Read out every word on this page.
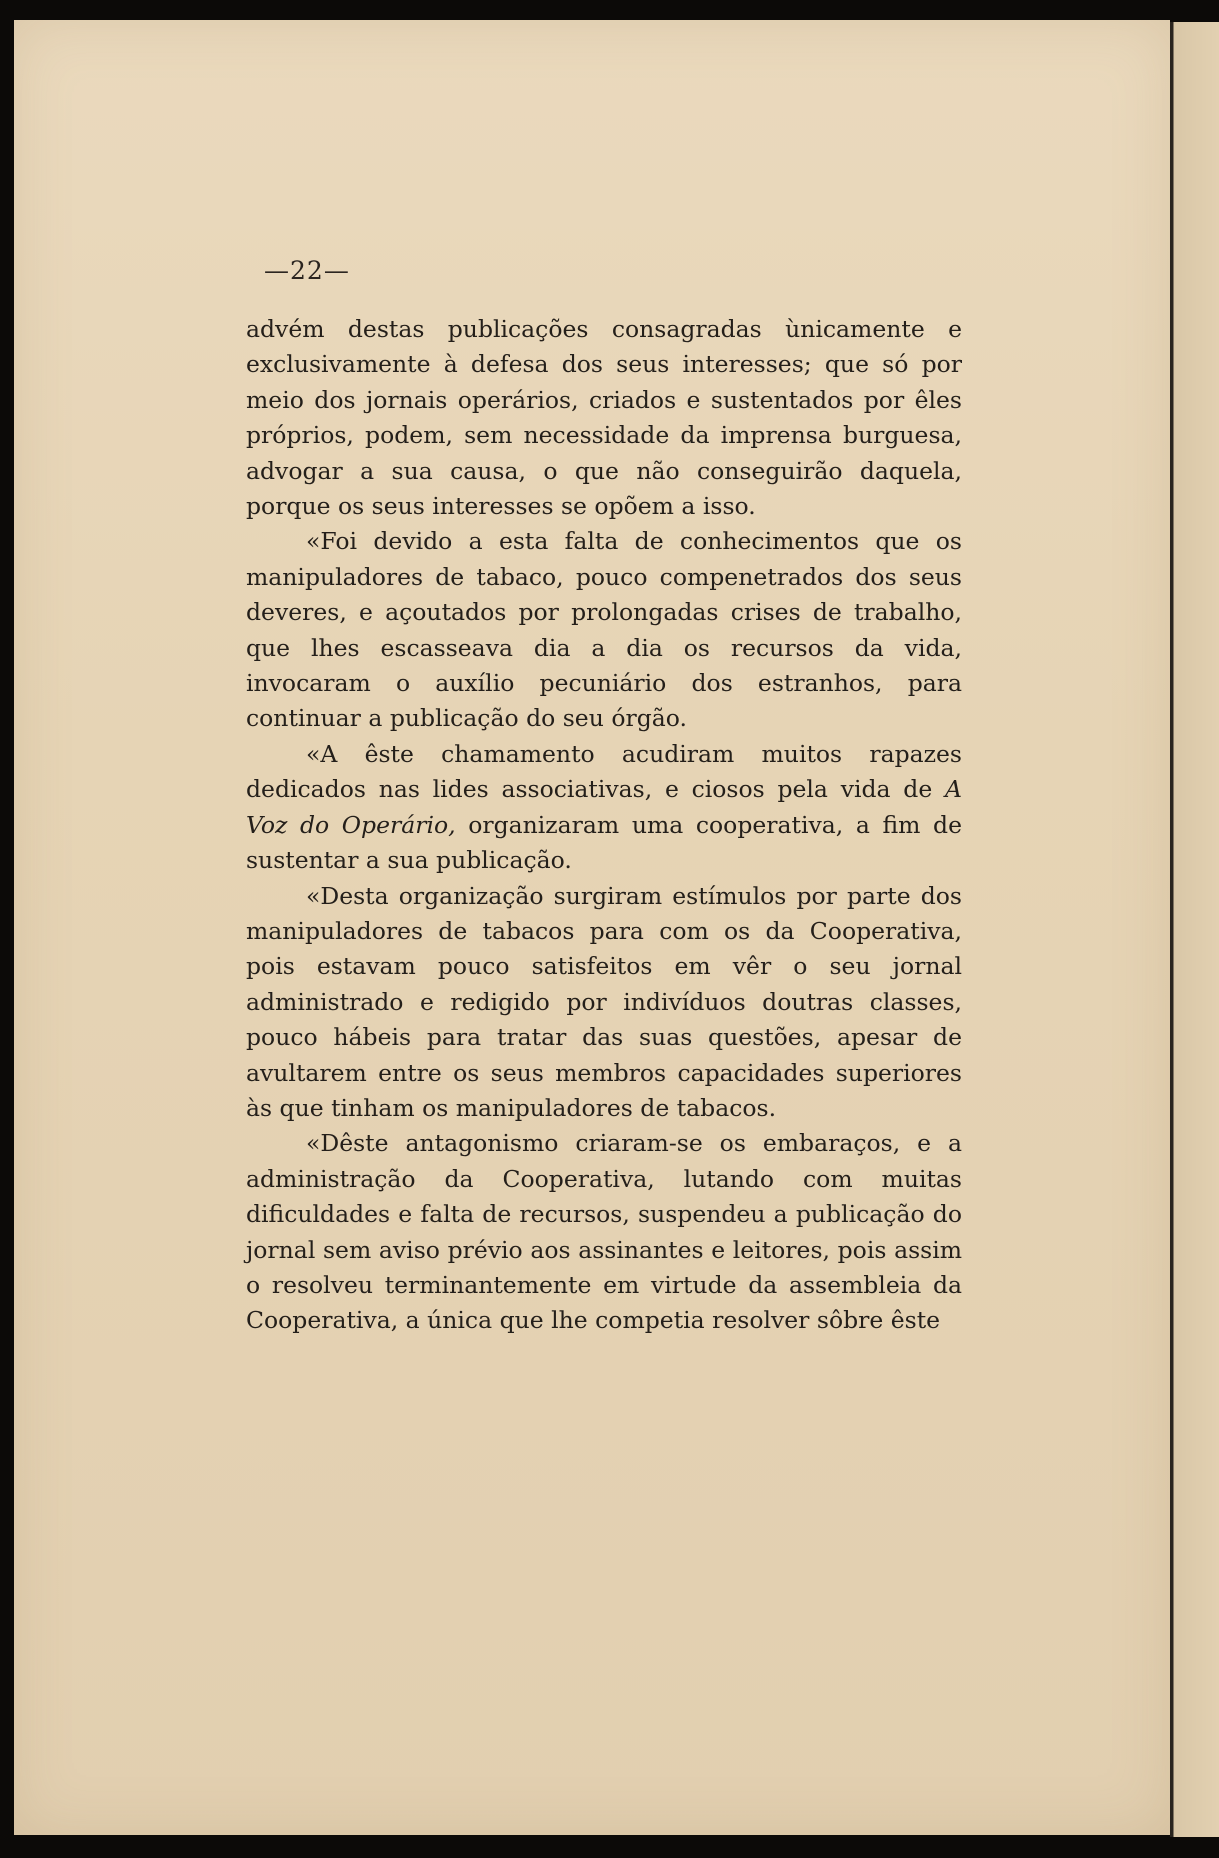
—22—

advém destas publicações consagradas ùnicamente e exclusivamente à defesa dos seus interesses; que só por meio dos jornais operários, criados e sustentados por êles próprios, podem, sem necessidade da imprensa burguesa, advogar a sua causa, o que não conseguirão daquela, porque os seus interesses se opõem a isso.

«Foi devido a esta falta de conhecimentos que os manipuladores de tabaco, pouco compenetrados dos seus deveres, e açoutados por prolongadas crises de trabalho, que lhes escasseava dia a dia os recursos da vida, invocaram o auxílio pecuniário dos estranhos, para continuar a publicação do seu órgão.

«A êste chamamento acudiram muitos rapazes dedicados nas lides associativas, e ciosos pela vida de A Voz do Operário, organizaram uma cooperativa, a fim de sustentar a sua publicação.

«Desta organização surgiram estímulos por parte dos manipuladores de tabacos para com os da Cooperativa, pois estavam pouco satisfeitos em vêr o seu jornal administrado e redigido por indivíduos doutras classes, pouco hábeis para tratar das suas questões, apesar de avultarem entre os seus membros capacidades superiores às que tinham os manipuladores de tabacos.

«Dêste antagonismo criaram-se os embaraços, e a administração da Cooperativa, lutando com muitas dificuldades e falta de recursos, suspendeu a publicação do jornal sem aviso prévio aos assinantes e leitores, pois assim o resolveu terminantemente em virtude da assembleia da Cooperativa, a única que lhe competia resolver sôbre êste
